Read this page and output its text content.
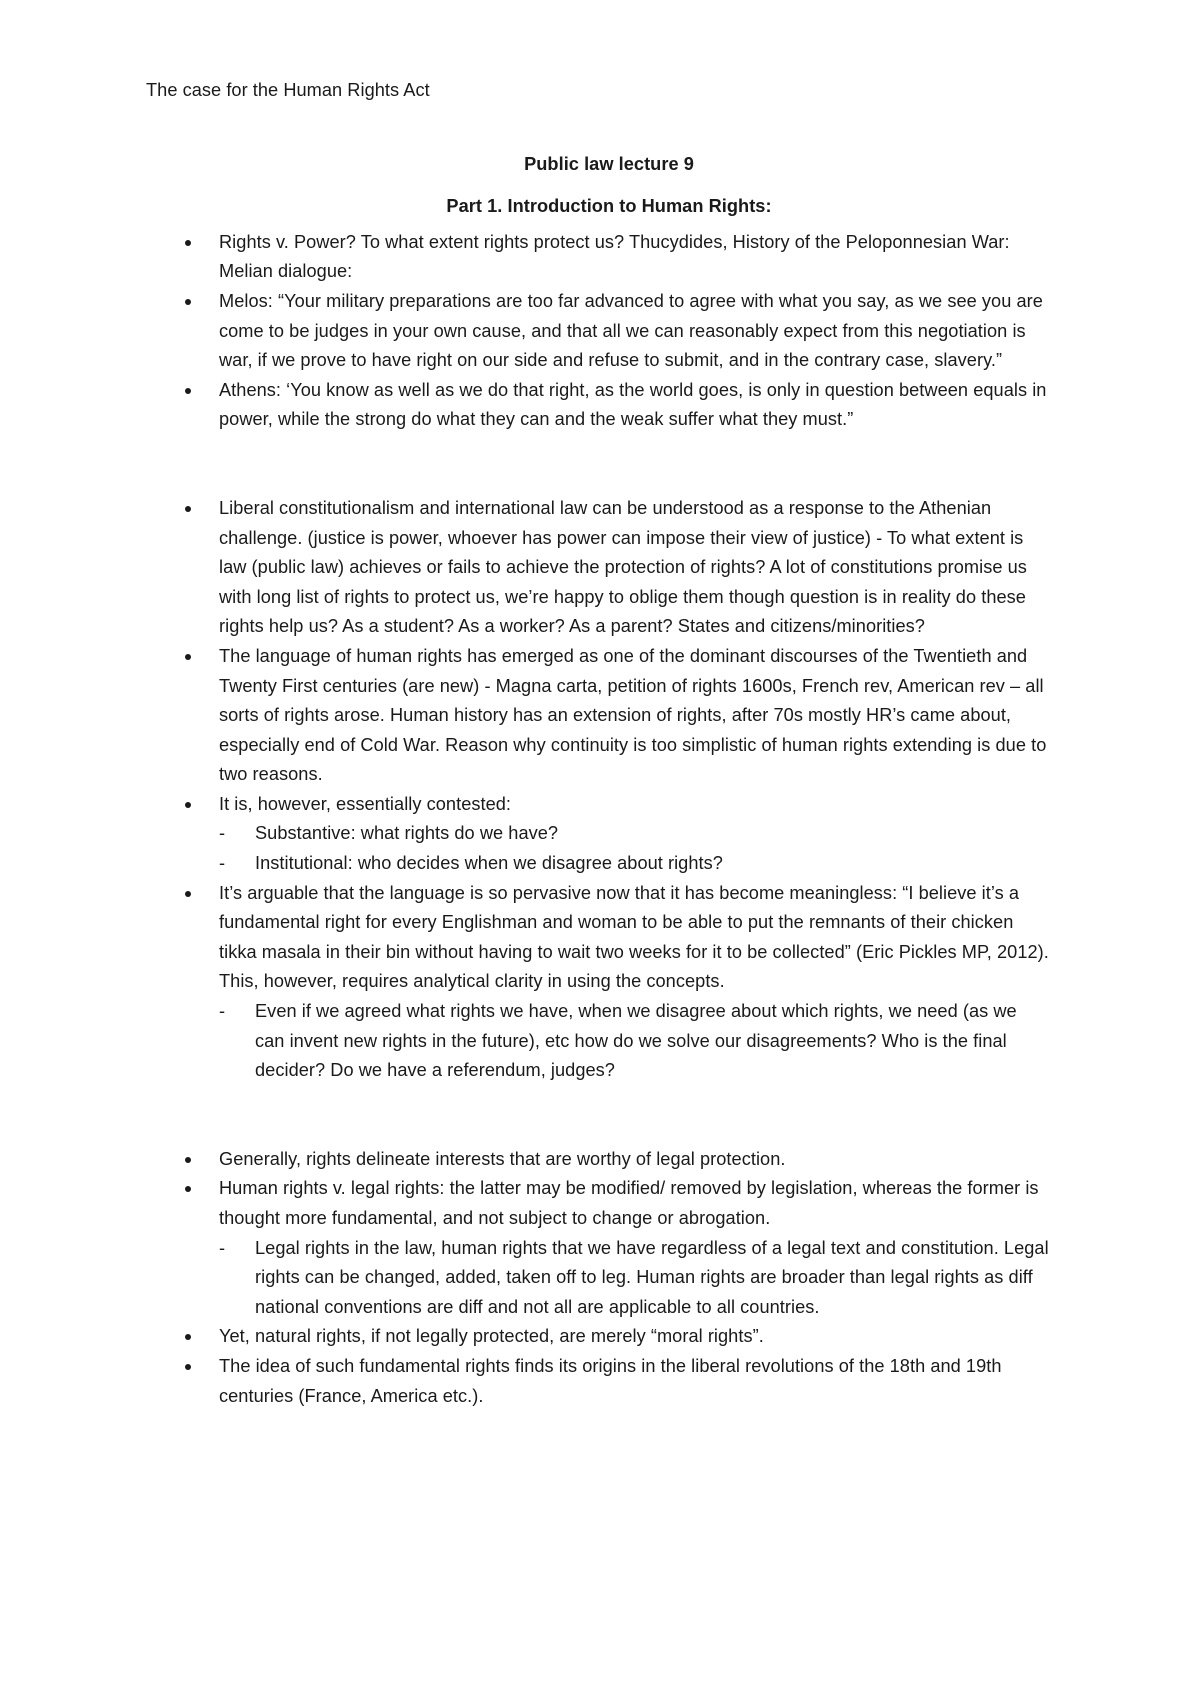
The case for the Human Rights Act

Public law lecture 9

Part 1. Introduction to Human Rights:

Rights v. Power? To what extent rights protect us? Thucydides, History of the Peloponnesian War: Melian dialogue:
Melos: “Your military preparations are too far advanced to agree with what you say, as we see you are come to be judges in your own cause, and that all we can reasonably expect from this negotiation is war, if we prove to have right on our side and refuse to submit, and in the contrary case, slavery.”
Athens: ‘You know as well as we do that right, as the world goes, is only in question between equals in power, while the strong do what they can and the weak suffer what they must.”
Liberal constitutionalism and international law can be understood as a response to the Athenian challenge. (justice is power, whoever has power can impose their view of justice) - To what extent is law (public law) achieves or fails to achieve the protection of rights? A lot of constitutions promise us with long list of rights to protect us, we’re happy to oblige them though question is in reality do these rights help us? As a student? As a worker? As a parent? States and citizens/minorities?
The language of human rights has emerged as one of the dominant discourses of the Twentieth and Twenty First centuries (are new) - Magna carta, petition of rights 1600s, French rev, American rev – all sorts of rights arose. Human history has an extension of rights, after 70s mostly HR’s came about, especially end of Cold War. Reason why continuity is too simplistic of human rights extending is due to two reasons.
It is, however, essentially contested:
- Substantive: what rights do we have?
- Institutional: who decides when we disagree about rights?
It’s arguable that the language is so pervasive now that it has become meaningless: “I believe it’s a fundamental right for every Englishman and woman to be able to put the remnants of their chicken tikka masala in their bin without having to wait two weeks for it to be collected” (Eric Pickles MP, 2012). This, however, requires analytical clarity in using the concepts.
- Even if we agreed what rights we have, when we disagree about which rights, we need (as we can invent new rights in the future), etc how do we solve our disagreements? Who is the final decider? Do we have a referendum, judges?
Generally, rights delineate interests that are worthy of legal protection.
Human rights v. legal rights: the latter may be modified/ removed by legislation, whereas the former is thought more fundamental, and not subject to change or abrogation.
- Legal rights in the law, human rights that we have regardless of a legal text and constitution. Legal rights can be changed, added, taken off to leg. Human rights are broader than legal rights as diff national conventions are diff and not all are applicable to all countries.
Yet, natural rights, if not legally protected, are merely “moral rights”.
The idea of such fundamental rights finds its origins in the liberal revolutions of the 18th and 19th centuries (France, America etc.).
